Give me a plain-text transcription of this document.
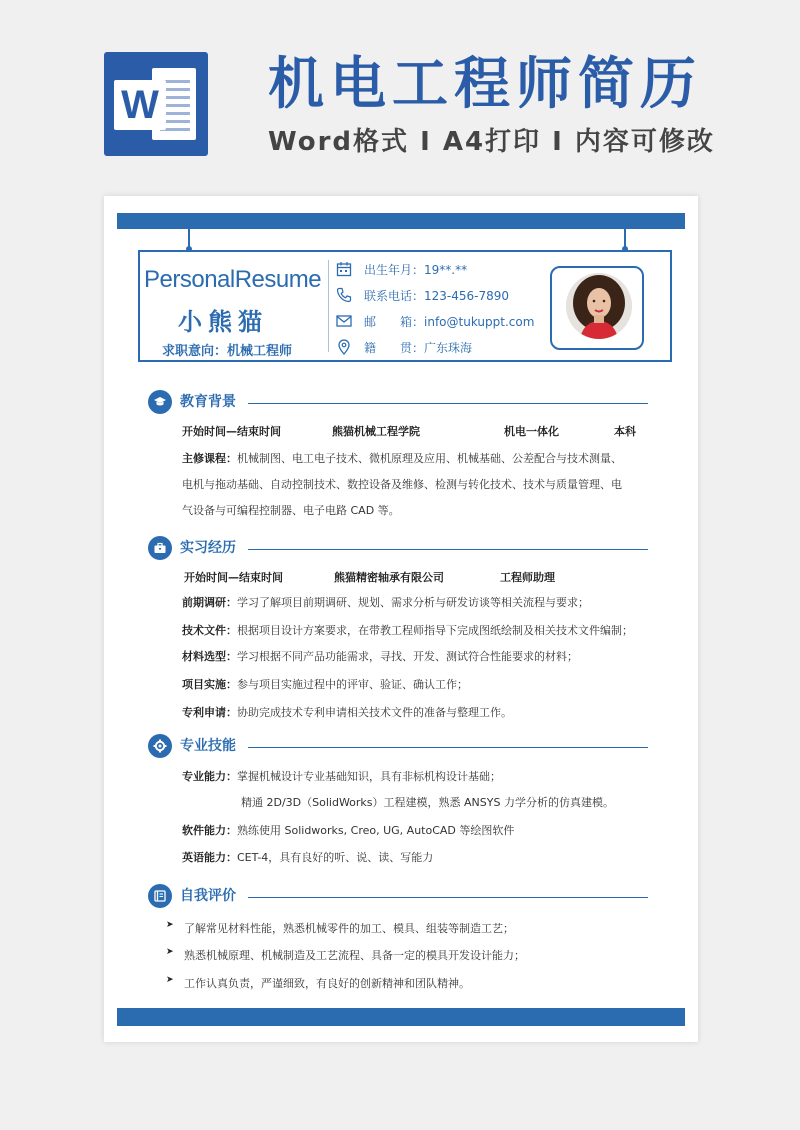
W 机电工程师简历
Word格式 I A4打印 I 内容可修改
PersonalResume
小熊猫
求职意向：机械工程师
出生年月：19**.**
联系电话：123-456-7890
邮　　箱：info@tukuppt.com
籍　　贯：广东珠海
教育背景
开始时间—结束时间	熊猫机械工程学院	机电一体化	本科
主修课程：机械制图、电工电子技术、微机原理及应用、机械基础、公差配合与技术测量、
电机与拖动基础、自动控制技术、数控设备及维修、检测与转化技术、技术与质量管理、电
气设备与可编程控制器、电子电路 CAD 等。
实习经历
开始时间—结束时间	熊猫精密轴承有限公司	工程师助理
前期调研：学习了解项目前期调研、规划、需求分析与研发访谈等相关流程与要求；
技术文件：根据项目设计方案要求，在带教工程师指导下完成图纸绘制及相关技术文件编制；
材料选型：学习根据不同产品功能需求，寻找、开发、测试符合性能要求的材料；
项目实施：参与项目实施过程中的评审、验证、确认工作；
专利申请：协助完成技术专利申请相关技术文件的准备与整理工作。
专业技能
专业能力：掌握机械设计专业基础知识，具有非标机构设计基础；
精通 2D/3D（SolidWorks）工程建模，熟悉 ANSYS 力学分析的仿真建模。
软件能力：熟练使用 Solidworks, Creo, UG, AutoCAD 等绘图软件
英语能力：CET-4，具有良好的听、说、读、写能力
自我评价
➤ 了解常见材料性能，熟悉机械零件的加工、模具、组装等制造工艺；
➤ 熟悉机械原理、机械制造及工艺流程、具备一定的模具开发设计能力；
➤ 工作认真负责，严谨细致，有良好的创新精神和团队精神。
